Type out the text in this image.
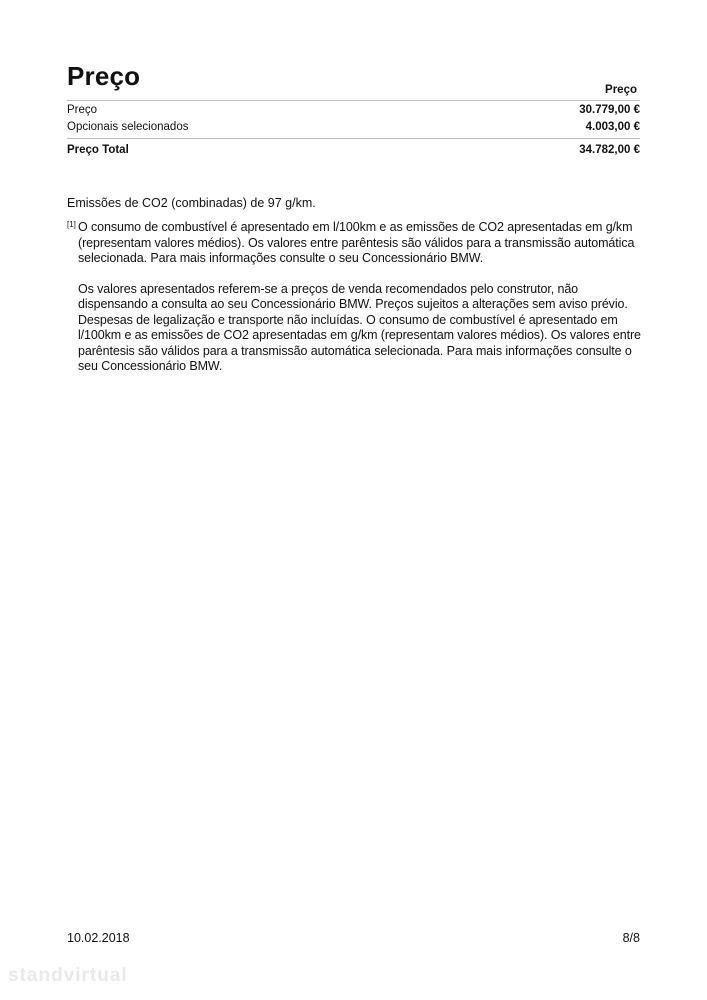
Preço	Preço
Preço	30.779,00 €
Opcionais selecionados	4.003,00 €
Preço Total	34.782,00 €
Emissões de CO2 (combinadas) de 97 g/km.
[1] O consumo de combustível é apresentado em l/100km e as emissões de CO2 apresentadas em g/km (representam valores médios). Os valores entre parêntesis são válidos para a transmissão automática selecionada. Para mais informações consulte o seu Concessionário BMW.

Os valores apresentados referem-se a preços de venda recomendados pelo construtor, não dispensando a consulta ao seu Concessionário BMW. Preços sujeitos a alterações sem aviso prévio. Despesas de legalização e transporte não incluídas. O consumo de combustível é apresentado em l/100km e as emissões de CO2 apresentadas em g/km (representam valores médios). Os valores entre parêntesis são válidos para a transmissão automática selecionada. Para mais informações consulte o seu Concessionário BMW.

10.02.2018	8/8
standvirtual
